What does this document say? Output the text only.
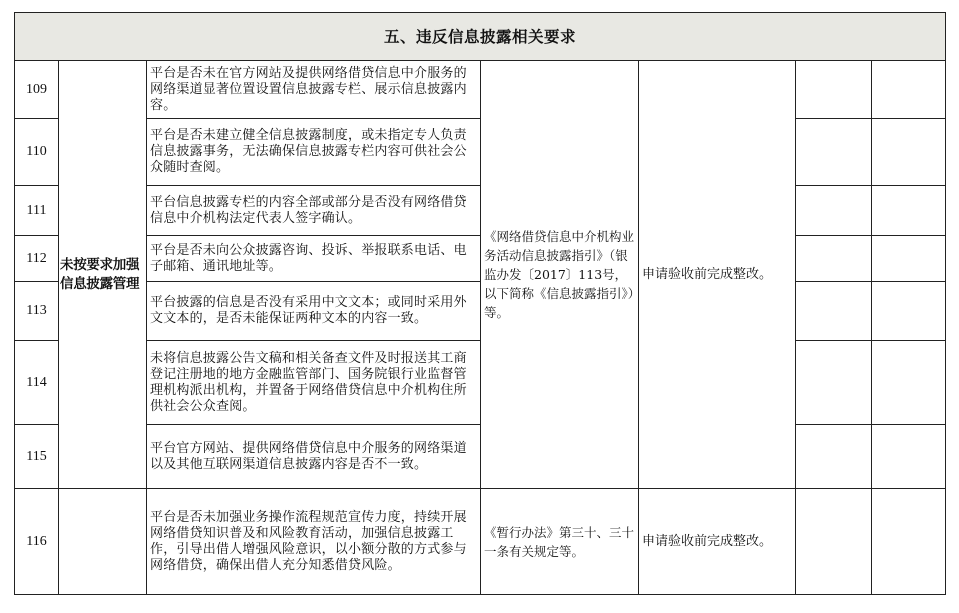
五、违反信息披露相关要求						
109	未按要求加强信息披露管理	平台是否未在官方网站及提供网络借贷信息中介服务的网络渠道显著位置设置信息披露专栏、展示信息披露内容。	《网络借贷信息中介机构业务活动信息披露指引》（银监办发〔2017〕113号，以下简称《信息披露指引》）等。	申请验收前完成整改。		
110		平台是否未建立健全信息披露制度，或未指定专人负责信息披露事务，无法确保信息披露专栏内容可供社会公众随时查阅。				
111		平台信息披露专栏的内容全部或部分是否没有网络借贷信息中介机构法定代表人签字确认。				
112		平台是否未向公众披露咨询、投诉、举报联系电话、电子邮箱、通讯地址等。				
113		平台披露的信息是否没有采用中文文本；或同时采用外文文本的，是否未能保证两种文本的内容一致。				
114		未将信息披露公告文稿和相关备查文件及时报送其工商登记注册地的地方金融监管部门、国务院银行业监督管理机构派出机构，并置备于网络借贷信息中介机构住所供社会公众查阅。				
115		平台官方网站、提供网络借贷信息中介服务的网络渠道以及其他互联网渠道信息披露内容是否不一致。				
116		平台是否未加强业务操作流程规范宣传力度，持续开展网络借贷知识普及和风险教育活动，加强信息披露工作，引导出借人增强风险意识，以小额分散的方式参与网络借贷，确保出借人充分知悉借贷风险。	《暂行办法》第三十、三十一条有关规定等。	申请验收前完成整改。		
